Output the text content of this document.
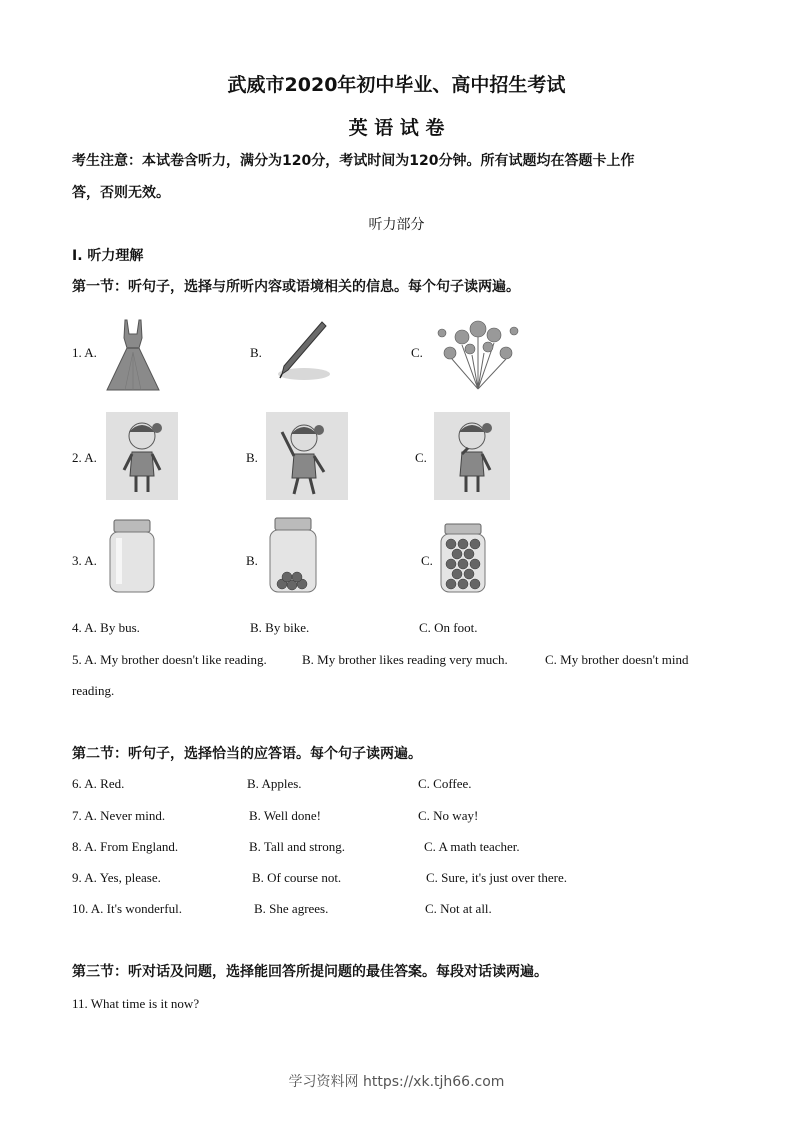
武威市2020年初中毕业、高中招生考试
英 语 试 卷
考生注意：本试卷含听力，满分为120分，考试时间为120分钟。所有试题均在答题卡上作
答，否则无效。
听力部分
I. 听力理解
第一节：听句子，选择与所听内容或语境相关的信息。每个句子读两遍。
1. A.	B.	C.
2. A.	B.	C.
3. A.	B.	C.
4. A. By bus.	B. By bike.	C. On foot.
5. A. My brother doesn't like reading.	B. My brother likes reading very much.	C. My brother doesn't mind
reading.
第二节：听句子，选择恰当的应答语。每个句子读两遍。
6. A. Red.	B. Apples.	C. Coffee.
7. A. Never mind.	B. Well done!	C. No way!
8. A. From England.	B. Tall and strong.	C. A math teacher.
9. A. Yes, please.	B. Of course not.	C. Sure, it's just over there.
10. A. It's wonderful.	B. She agrees.	C. Not at all.
第三节：听对话及问题，选择能回答所提问题的最佳答案。每段对话读两遍。
11. What time is it now?
学习资料网 https://xk.tjh66.com
